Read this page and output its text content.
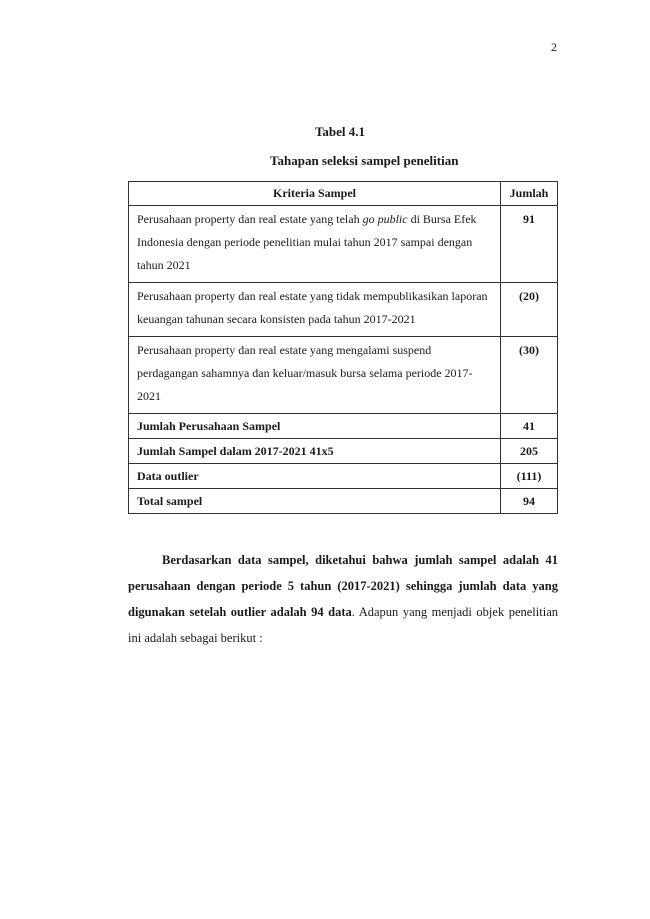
2
Tabel 4.1
Tahapan seleksi sampel penelitian
Kriteria Sampel	Jumlah
Perusahaan property dan real estate yang telah go public di Bursa Efek Indonesia dengan periode penelitian mulai tahun 2017 sampai dengan tahun 2021	91
Perusahaan property dan real estate yang tidak mempublikasikan laporan keuangan tahunan secara konsisten pada tahun 2017-2021	(20)
Perusahaan property dan real estate yang mengalami suspend perdagangan sahamnya dan keluar/masuk bursa selama periode 2017-2021	(30)
Jumlah Perusahaan Sampel	41
Jumlah Sampel dalam 2017-2021 41x5	205
Data outlier	(111)
Total sampel	94

Berdasarkan data sampel, diketahui bahwa jumlah sampel adalah 41 perusahaan dengan periode 5 tahun (2017-2021) sehingga jumlah data yang digunakan setelah outlier adalah 94 data. Adapun yang menjadi objek penelitian ini adalah sebagai berikut :
